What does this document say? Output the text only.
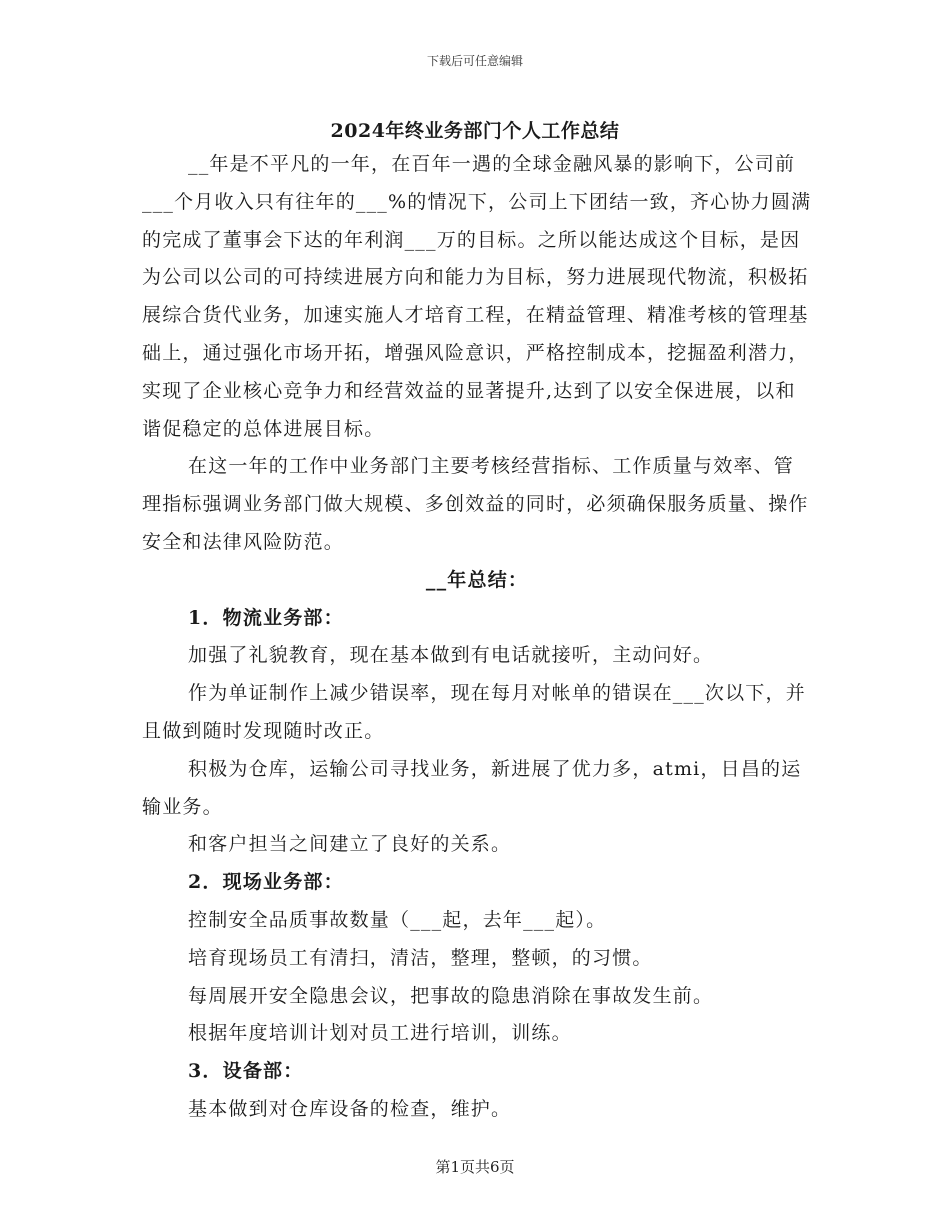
下载后可任意编辑
2024年终业务部门个人工作总结

__年是不平凡的一年，在百年一遇的全球金融风暴的影响下，公司前___个月收入只有往年的___%的情况下，公司上下团结一致，齐心协力圆满的完成了董事会下达的年利润___万的目标。之所以能达成这个目标，是因为公司以公司的可持续进展方向和能力为目标，努力进展现代物流，积极拓展综合货代业务，加速实施人才培育工程，在精益管理、精准考核的管理基础上，通过强化市场开拓，增强风险意识，严格控制成本，挖掘盈利潜力，实现了企业核心竞争力和经营效益的显著提升,达到了以安全保进展，以和谐促稳定的总体进展目标。

在这一年的工作中业务部门主要考核经营指标、工作质量与效率、管理指标强调业务部门做大规模、多创效益的同时，必须确保服务质量、操作安全和法律风险防范。

__年总结：

1．物流业务部：

加强了礼貌教育，现在基本做到有电话就接听，主动问好。

作为单证制作上减少错误率，现在每月对帐单的错误在___次以下，并且做到随时发现随时改正。

积极为仓库，运输公司寻找业务，新进展了优力多，atmi，日昌的运输业务。

和客户担当之间建立了良好的关系。

2．现场业务部：

控制安全品质事故数量（___起，去年___起）。

培育现场员工有清扫，清洁，整理，整顿，的习惯。

每周展开安全隐患会议，把事故的隐患消除在事故发生前。

根据年度培训计划对员工进行培训，训练。

3．设备部：

基本做到对仓库设备的检查，维护。

第1页共6页
